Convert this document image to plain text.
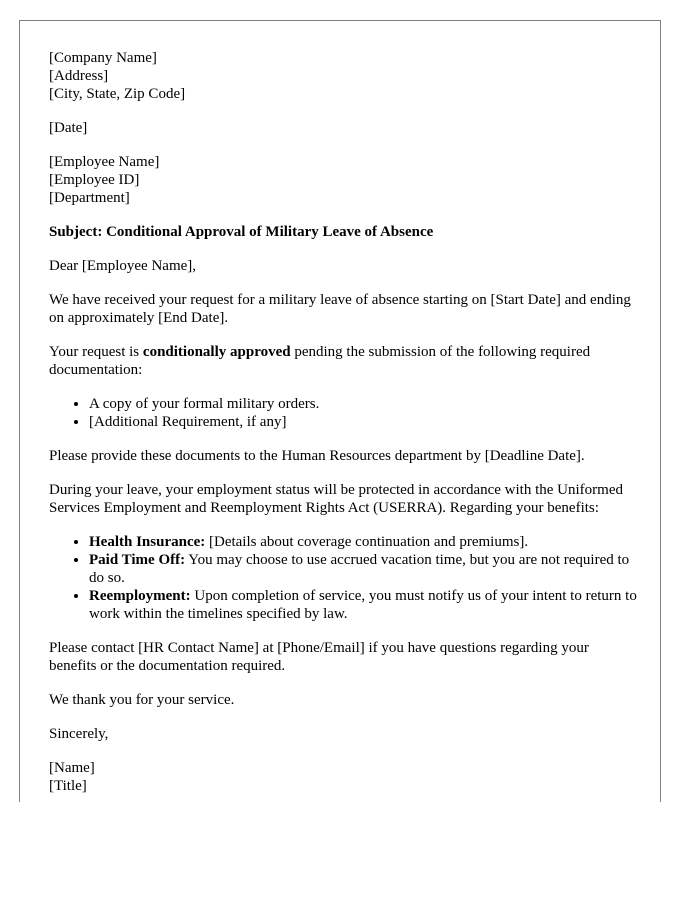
[Company Name]
[Address]
[City, State, Zip Code]
[Date]
[Employee Name]
[Employee ID]
[Department]

Subject: Conditional Approval of Military Leave of Absence

Dear [Employee Name],

We have received your request for a military leave of absence starting on [Start Date] and ending on approximately [End Date].

Your request is conditionally approved pending the submission of the following required documentation:

• A copy of your formal military orders.
• [Additional Requirement, if any]

Please provide these documents to the Human Resources department by [Deadline Date].

During your leave, your employment status will be protected in accordance with the Uniformed Services Employment and Reemployment Rights Act (USERRA). Regarding your benefits:

• Health Insurance: [Details about coverage continuation and premiums].
• Paid Time Off: You may choose to use accrued vacation time, but you are not required to do so.
• Reemployment: Upon completion of service, you must notify us of your intent to return to work within the timelines specified by law.

Please contact [HR Contact Name] at [Phone/Email] if you have questions regarding your benefits or the documentation required.

We thank you for your service.

Sincerely,

[Name]
[Title]
